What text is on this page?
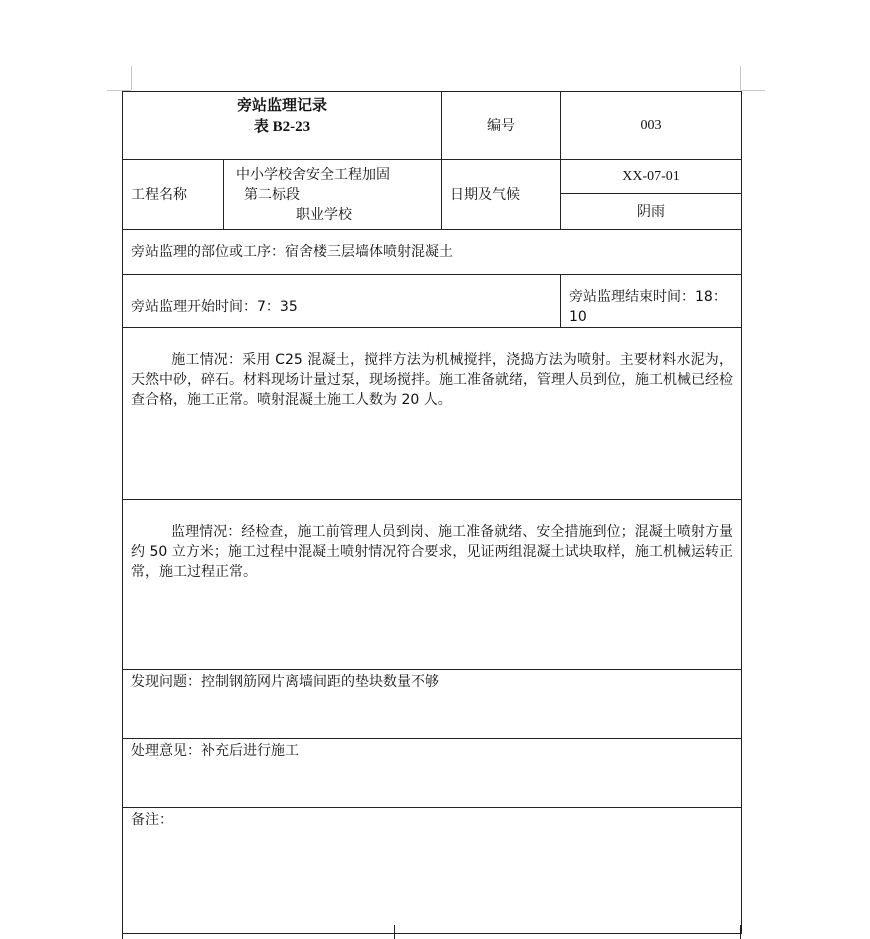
旁站监理记录
表 B2-23		编号	003
工程名称	中小学校舍安全工程加固
第二标段
职业学校	日期及气候	XX-07-01
			阴雨
旁站监理的部位或工序：宿舍楼三层墙体喷射混凝土			
旁站监理开始时间：7：35			旁站监理结束时间：18：10
施工情况：采用 C25 混凝土，搅拌方法为机械搅拌，浇捣方法为喷射。主要材料水泥为，天然中砂，碎石。材料现场计量过泵，现场搅拌。施工准备就绪，管理人员到位，施工机械已经检查合格，施工正常。喷射混凝土施工人数为 20 人。			
监理情况：经检查，施工前管理人员到岗、施工准备就绪、安全措施到位；混凝土喷射方量约 50 立方米；施工过程中混凝土喷射情况符合要求，见证两组混凝土试块取样，施工机械运转正常，施工过程正常。			
发现问题：控制钢筋网片离墙间距的垫块数量不够			
处理意见：补充后进行施工			
备注：			
